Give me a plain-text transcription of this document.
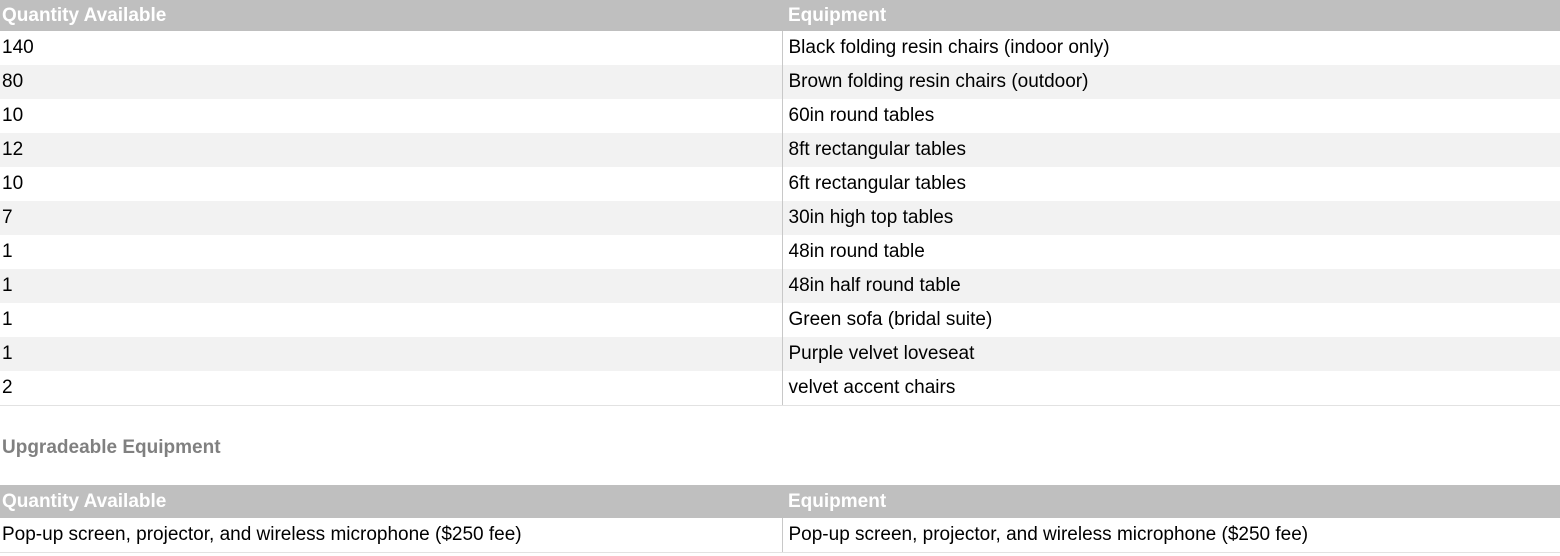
Quantity Available	Equipment
140	Black folding resin chairs (indoor only)
80	Brown folding resin chairs (outdoor)
10	60in round tables
12	8ft rectangular tables
10	6ft rectangular tables
7	30in high top tables
1	48in round table
1	48in half round table
1	Green sofa (bridal suite)
1	Purple velvet loveseat
2	velvet accent chairs
Upgradeable Equipment
Quantity Available	Equipment
Pop-up screen, projector, and wireless microphone ($250 fee)	Pop-up screen, projector, and wireless microphone ($250 fee)
